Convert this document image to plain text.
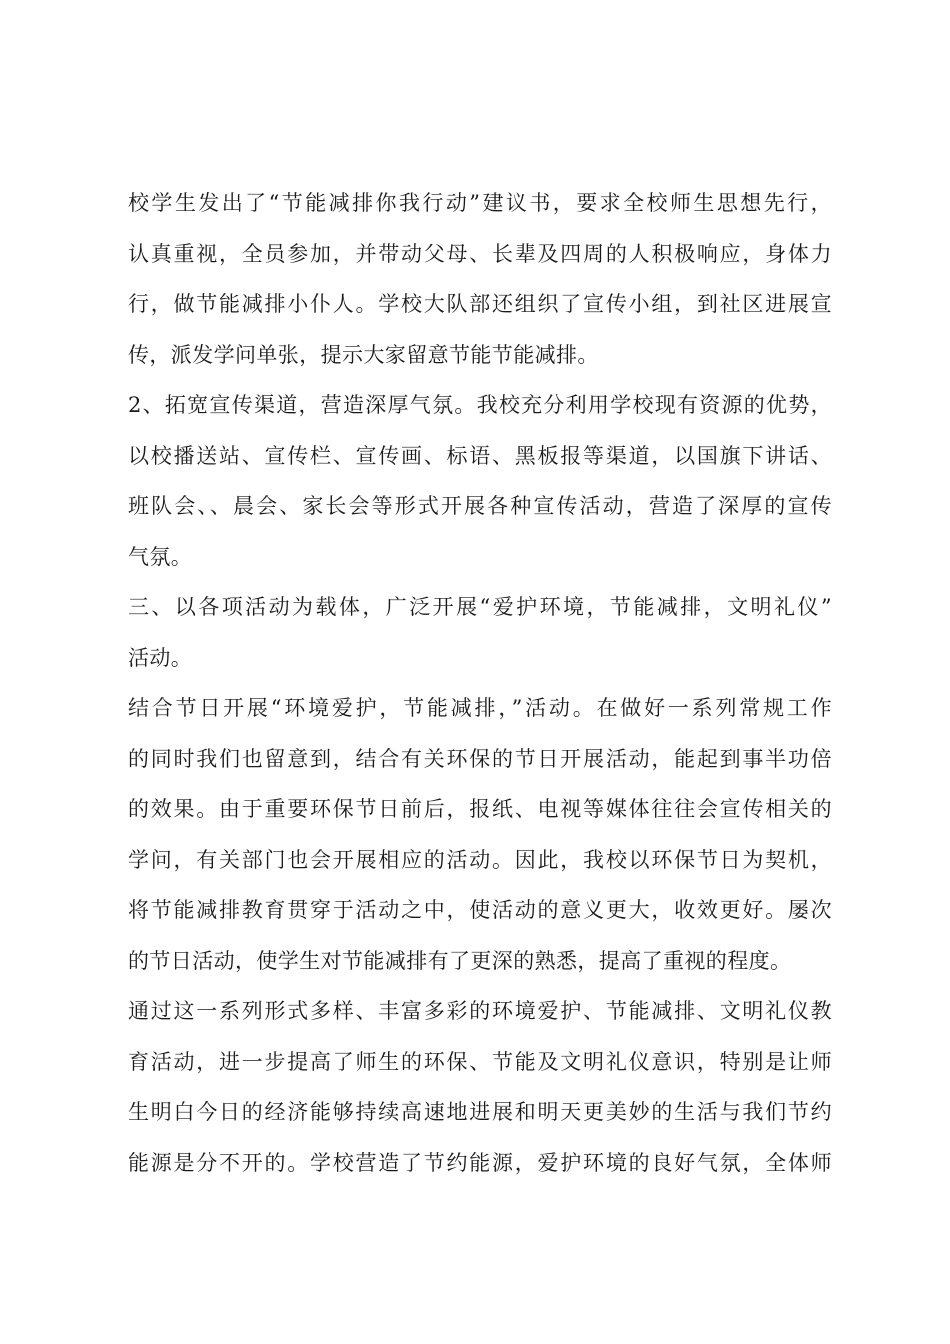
校学生发出了“节能减排你我行动”建议书，要求全校师生思想先行，
认真重视，全员参加，并带动父母、长辈及四周的人积极响应，身体力
行，做节能减排小仆人。学校大队部还组织了宣传小组，到社区进展宣
传，派发学问单张，提示大家留意节能节能减排。
2、拓宽宣传渠道，营造深厚气氛。我校充分利用学校现有资源的优势，
以校播送站、宣传栏、宣传画、标语、黑板报等渠道，以国旗下讲话、
班队会、、晨会、家长会等形式开展各种宣传活动，营造了深厚的宣传
气氛。
三、以各项活动为载体，广泛开展“爱护环境，节能减排，文明礼仪”
活动。
结合节日开展“环境爱护，节能减排，”活动。在做好一系列常规工作
的同时我们也留意到，结合有关环保的节日开展活动，能起到事半功倍
的效果。由于重要环保节日前后，报纸、电视等媒体往往会宣传相关的
学问，有关部门也会开展相应的活动。因此，我校以环保节日为契机，
将节能减排教育贯穿于活动之中，使活动的意义更大，收效更好。屡次
的节日活动，使学生对节能减排有了更深的熟悉，提高了重视的程度。
通过这一系列形式多样、丰富多彩的环境爱护、节能减排、文明礼仪教
育活动，进一步提高了师生的环保、节能及文明礼仪意识，特别是让师
生明白今日的经济能够持续高速地进展和明天更美妙的生活与我们节约
能源是分不开的。学校营造了节约能源，爱护环境的良好气氛，全体师
